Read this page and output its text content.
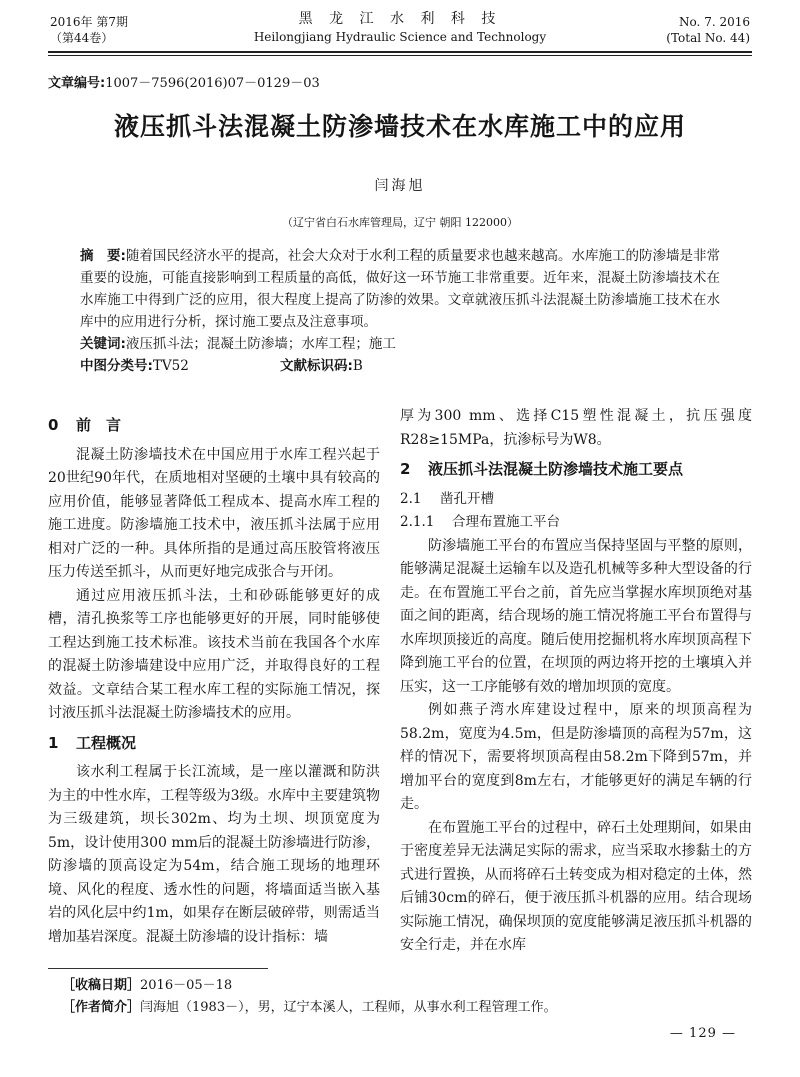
2016年 第7期
（第44卷）
黑 龙 江 水 利 科 技
Heilongjiang Hydraulic Science and Technology
No. 7. 2016
(Total No. 44)
文章编号:1007－7596(2016)07－0129－03
液压抓斗法混凝土防渗墙技术在水库施工中的应用
闫海旭
（辽宁省白石水库管理局，辽宁 朝阳 122000）

摘　要:随着国民经济水平的提高，社会大众对于水利工程的质量要求也越来越高。水库施工的防渗墙是非常重要的设施，可能直接影响到工程质量的高低，做好这一环节施工非常重要。近年来，混凝土防渗墙技术在水库施工中得到广泛的应用，很大程度上提高了防渗的效果。文章就液压抓斗法混凝土防渗墙施工技术在水库中的应用进行分析，探讨施工要点及注意事项。

关键词:液压抓斗法；混凝土防渗墙；水库工程；施工

中图分类号:TV52	文献标识码:B
0 前　言

混凝土防渗墙技术在中国应用于水库工程兴起于20世纪90年代，在质地相对坚硬的土壤中具有较高的应用价值，能够显著降低工程成本、提高水库工程的施工进度。防渗墙施工技术中，液压抓斗法属于应用相对广泛的一种。具体所指的是通过高压胶管将液压压力传送至抓斗，从而更好地完成张合与开闭。

通过应用液压抓斗法，土和砂砾能够更好的成槽，清孔换浆等工序也能够更好的开展，同时能够使工程达到施工技术标准。该技术当前在我国各个水库的混凝土防渗墙建设中应用广泛，并取得良好的工程效益。文章结合某工程水库工程的实际施工情况，探讨液压抓斗法混凝土防渗墙技术的应用。

1 工程概况

该水利工程属于长江流域，是一座以灌溉和防洪为主的中性水库，工程等级为3级。水库中主要建筑物为三级建筑，坝长302m、均为土坝、坝顶宽度为5m，设计使用300 mm后的混凝土防渗墙进行防渗，防渗墙的顶高设定为54m，结合施工现场的地理环境、风化的程度、透水性的问题，将墙面适当嵌入基岩的风化层中约1m，如果存在断层破碎带，则需适当增加基岩深度。混凝土防渗墙的设计指标：墙

厚为300 mm、选择C15塑性混凝土，抗压强度R28≥15MPa，抗渗标号为W8。

2 液压抓斗法混凝土防渗墙技术施工要点

2.1 凿孔开槽

2.1.1 合理布置施工平台

防渗墙施工平台的布置应当保持坚固与平整的原则，能够满足混凝土运输车以及造孔机械等多种大型设备的行走。在布置施工平台之前，首先应当掌握水库坝顶绝对基面之间的距离，结合现场的施工情况将施工平台布置得与水库坝顶接近的高度。随后使用挖掘机将水库坝顶高程下降到施工平台的位置，在坝顶的两边将开挖的土壤填入并压实，这一工序能够有效的增加坝顶的宽度。

例如燕子湾水库建设过程中，原来的坝顶高程为58.2m，宽度为4.5m，但是防渗墙顶的高程为57m，这样的情况下，需要将坝顶高程由58.2m下降到57m，并增加平台的宽度到8m左右，才能够更好的满足车辆的行走。

在布置施工平台的过程中，碎石土处理期间，如果由于密度差异无法满足实际的需求，应当采取水掺黏土的方式进行置换，从而将碎石土转变成为相对稳定的土体，然后铺30cm的碎石，便于液压抓斗机器的应用。结合现场实际施工情况，确保坝顶的宽度能够满足液压抓斗机器的安全行走，并在水库

［收稿日期］2016－05－18
［作者简介］闫海旭（1983－），男，辽宁本溪人，工程师，从事水利工程管理工作。
— 129 —
